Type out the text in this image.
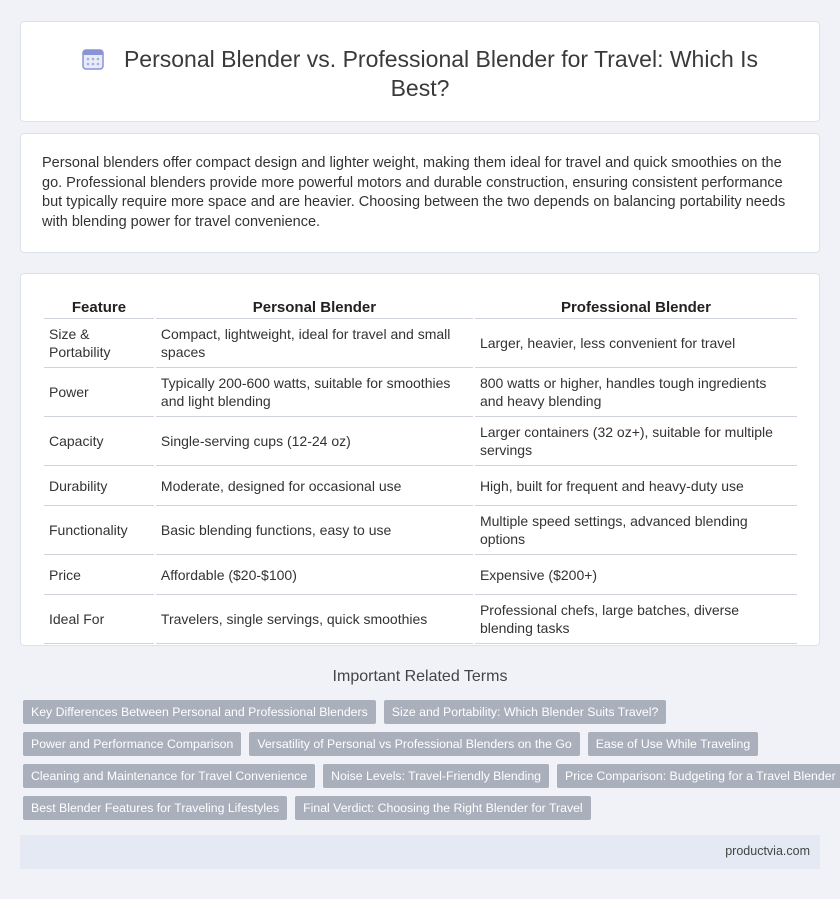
Personal Blender vs. Professional Blender for Travel: Which Is Best?

Personal blenders offer compact design and lighter weight, making them ideal for travel and quick smoothies on the go. Professional blenders provide more powerful motors and durable construction, ensuring consistent performance but typically require more space and are heavier. Choosing between the two depends on balancing portability needs with blending power for travel convenience.

Feature	Personal Blender	Professional Blender
Size & Portability	Compact, lightweight, ideal for travel and small spaces	Larger, heavier, less convenient for travel
Power	Typically 200-600 watts, suitable for smoothies and light blending	800 watts or higher, handles tough ingredients and heavy blending
Capacity	Single-serving cups (12-24 oz)	Larger containers (32 oz+), suitable for multiple servings
Durability	Moderate, designed for occasional use	High, built for frequent and heavy-duty use
Functionality	Basic blending functions, easy to use	Multiple speed settings, advanced blending options
Price	Affordable ($20-$100)	Expensive ($200+)
Ideal For	Travelers, single servings, quick smoothies	Professional chefs, large batches, diverse blending tasks
Important Related Terms
Key Differences Between Personal and Professional Blenders	Size and Portability: Which Blender Suits Travel?
Power and Performance Comparison	Versatility of Personal vs Professional Blenders on the Go	Ease of Use While Traveling
Cleaning and Maintenance for Travel Convenience	Noise Levels: Travel-Friendly Blending	Price Comparison: Budgeting for a Travel Blender
Best Blender Features for Traveling Lifestyles	Final Verdict: Choosing the Right Blender for Travel
productvia.com
